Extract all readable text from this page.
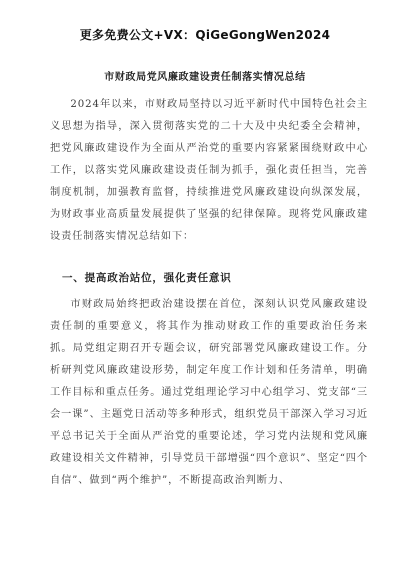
更多免费公文+VX：QiGeGongWen2024
市财政局党风廉政建设责任制落实情况总结

2024年以来，市财政局坚持以习近平新时代中国特色社会主义思想为指导，深入贯彻落实党的二十大及中央纪委全会精神，把党风廉政建设作为全面从严治党的重要内容紧紧围绕财政中心工作，以落实党风廉政建设责任制为抓手，强化责任担当，完善制度机制，加强教育监督，持续推进党风廉政建设向纵深发展，为财政事业高质量发展提供了坚强的纪律保障。现将党风廉政建设责任制落实情况总结如下：

一、提高政治站位，强化责任意识

市财政局始终把政治建设摆在首位，深刻认识党风廉政建设责任制的重要意义，将其作为推动财政工作的重要政治任务来抓。局党组定期召开专题会议，研究部署党风廉政建设工作。分析研判党风廉政建设形势，制定年度工作计划和任务清单，明确工作目标和重点任务。通过党组理论学习中心组学习、党支部“三会一课”、主题党日活动等多种形式，组织党员干部深入学习习近平总书记关于全面从严治党的重要论述，学习党内法规和党风廉政建设相关文件精神，引导党员干部增强“四个意识”、坚定“四个自信”、做到“两个维护”，不断提高政治判断力、
